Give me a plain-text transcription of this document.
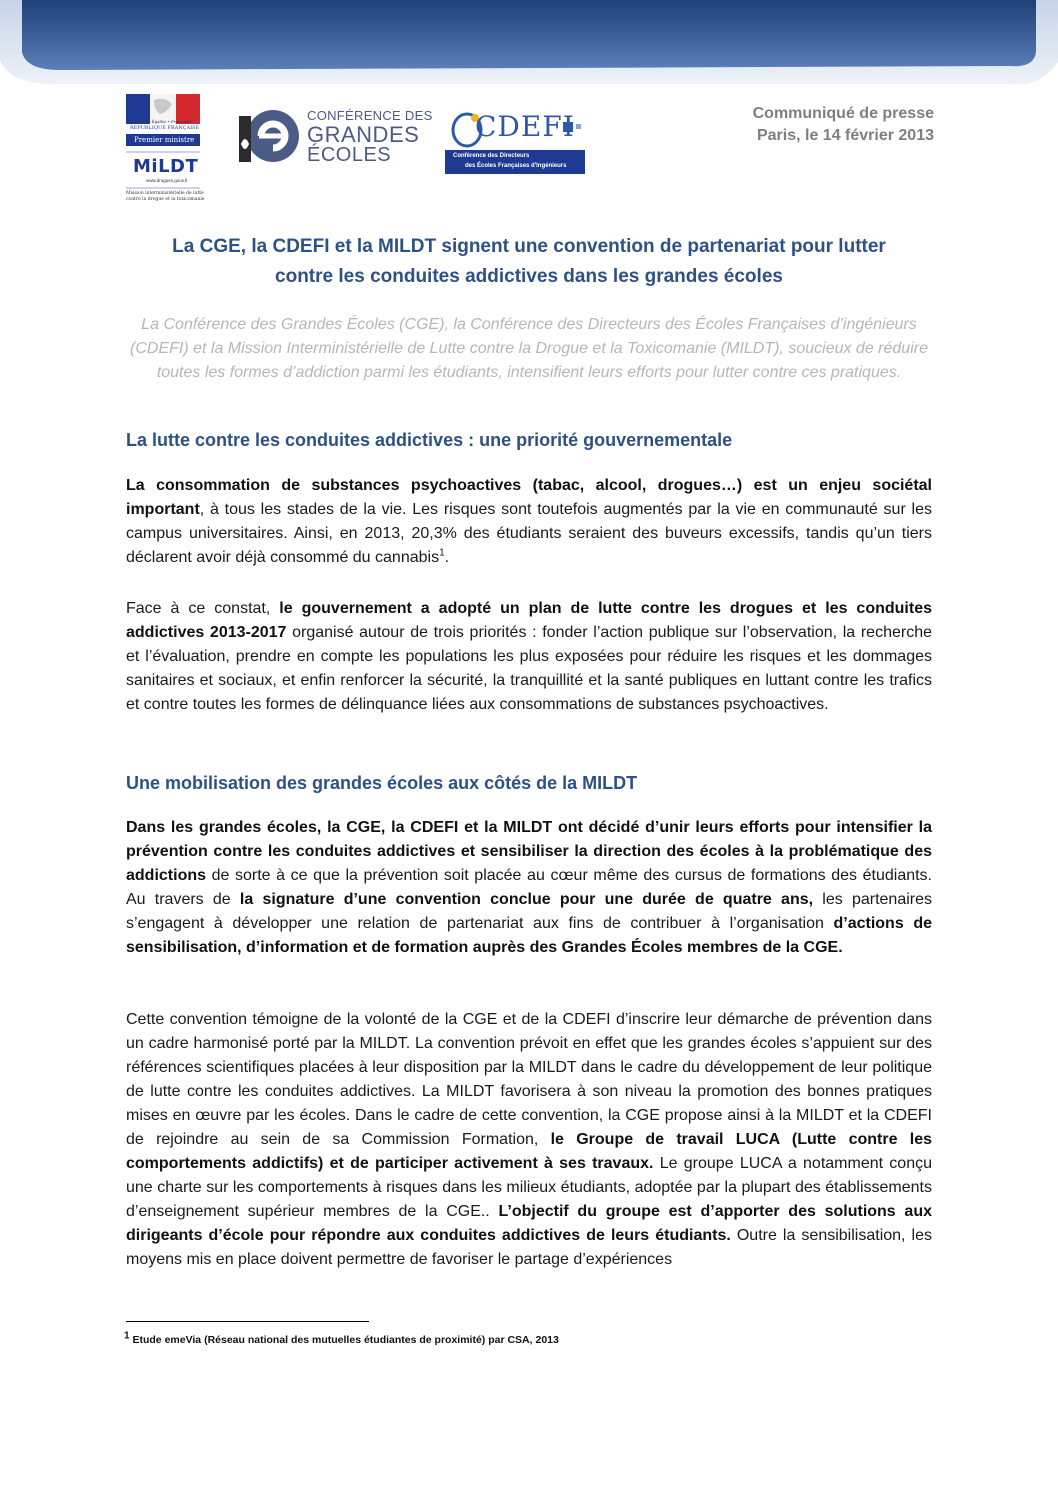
Liberté • Égalité • Fraternité
RÉPUBLIQUE FRANÇAISE
Premier ministre
MiLDT
www.drogues.gouv.fr
Mission interministérielle de lutte
contre la drogue et la toxicomanie
CONFÉRENCE DES
GRANDES
ÉCOLES
CDEFI
Conférence des Directeurs
des Écoles Françaises d'Ingénieurs
Communiqué de presse
Paris, le 14 février 2013
La CGE, la CDEFI et la MILDT signent une convention de partenariat pour lutter
contre les conduites addictives dans les grandes écoles
La Conférence des Grandes Écoles (CGE), la Conférence des Directeurs des Écoles Françaises d’ingénieurs (CDEFI) et la Mission Interministérielle de Lutte contre la Drogue et la Toxicomanie (MILDT), soucieux de réduire toutes les formes d’addiction parmi les étudiants, intensifient leurs efforts pour lutter contre ces pratiques.
La lutte contre les conduites addictives : une priorité gouvernementale
La consommation de substances psychoactives (tabac, alcool, drogues…) est un enjeu sociétal important, à tous les stades de la vie. Les risques sont toutefois augmentés par la vie en communauté sur les campus universitaires. Ainsi, en 2013, 20,3% des étudiants seraient des buveurs excessifs, tandis qu’un tiers déclarent avoir déjà consommé du cannabis$^1$.
Face à ce constat, le gouvernement a adopté un plan de lutte contre les drogues et les conduites addictives 2013-2017 organisé autour de trois priorités : fonder l’action publique sur l’observation, la recherche et l’évaluation, prendre en compte les populations les plus exposées pour réduire les risques et les dommages sanitaires et sociaux, et enfin renforcer la sécurité, la tranquillité et la santé publiques en luttant contre les trafics et contre toutes les formes de délinquance liées aux consommations de substances psychoactives.
Une mobilisation des grandes écoles aux côtés de la MILDT
Dans les grandes écoles, la CGE, la CDEFI et la MILDT ont décidé d’unir leurs efforts pour intensifier la prévention contre les conduites addictives et sensibiliser la direction des écoles à la problématique des addictions de sorte à ce que la prévention soit placée au cœur même des cursus de formations des étudiants. Au travers de la signature d’une convention conclue pour une durée de quatre ans, les partenaires s’engagent à développer une relation de partenariat aux fins de contribuer à l’organisation d’actions de sensibilisation, d’information et de formation auprès des Grandes Écoles membres de la CGE.
Cette convention témoigne de la volonté de la CGE et de la CDEFI d’inscrire leur démarche de prévention dans un cadre harmonisé porté par la MILDT. La convention prévoit en effet que les grandes écoles s’appuient sur des références scientifiques placées à leur disposition par la MILDT dans le cadre du développement de leur politique de lutte contre les conduites addictives. La MILDT favorisera à son niveau la promotion des bonnes pratiques mises en œuvre par les écoles. Dans le cadre de cette convention, la CGE propose ainsi à la MILDT et la CDEFI de rejoindre au sein de sa Commission Formation, le Groupe de travail LUCA (Lutte contre les comportements addictifs) et de participer activement à ses travaux. Le groupe LUCA a notamment conçu une charte sur les comportements à risques dans les milieux étudiants, adoptée par la plupart des établissements d’enseignement supérieur membres de la CGE.. L’objectif du groupe est d’apporter des solutions aux dirigeants d’école pour répondre aux conduites addictives de leurs étudiants. Outre la sensibilisation, les moyens mis en place doivent permettre de favoriser le partage d’expériences
$^1$ Etude emeVia (Réseau national des mutuelles étudiantes de proximité) par CSA, 2013
